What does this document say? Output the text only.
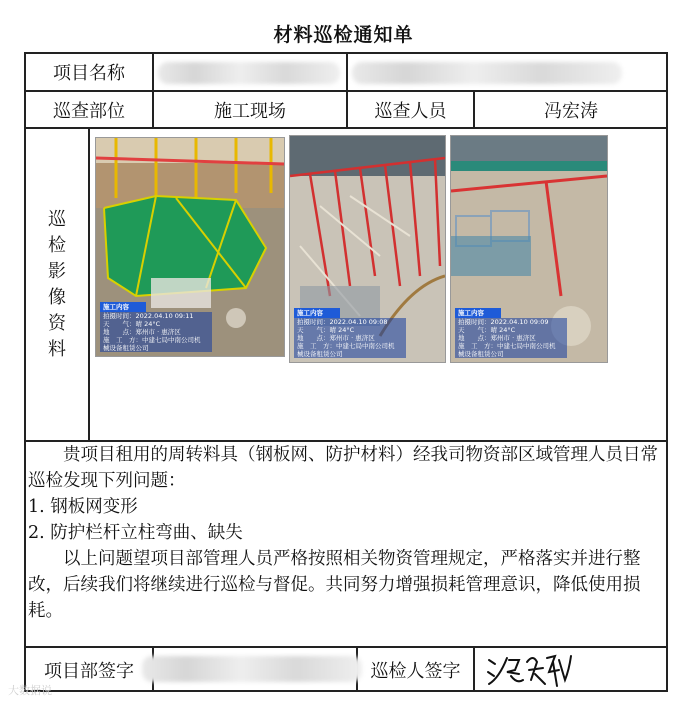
材料巡检通知单
项目名称
巡查部位	施工现场	巡查人员	冯宏涛
巡检影像资料
施工内容
拍摄时间：2022.04.10 09:11
天　　气：晴 24°C
地　　点：郑州市 · 惠济区
施　工　方：中建七局中南公司机
械设备租赁公司
施工内容
拍摄时间：2022.04.10 09:08
天　　气：晴 24°C
地　　点：郑州市 · 惠济区
施　工　方：中建七局中南公司机
械设备租赁公司
施工内容
拍摄时间：2022.04.10 09:09
天　　气：晴 24°C
地　　点：郑州市 · 惠济区
施　工　方：中建七局中南公司机
械设备租赁公司

贵项目租用的周转料具（钢板网、防护材料）经我司物资部区域管理人员日常巡检发现下列问题：

1. 钢板网变形

2. 防护栏杆立柱弯曲、缺失

以上问题望项目部管理人员严格按照相关物资管理规定，严格落实并进行整改，后续我们将继续进行巡检与督促。共同努力增强损耗管理意识，降低使用损耗。

项目部签字	巡检人签字
大数据说
